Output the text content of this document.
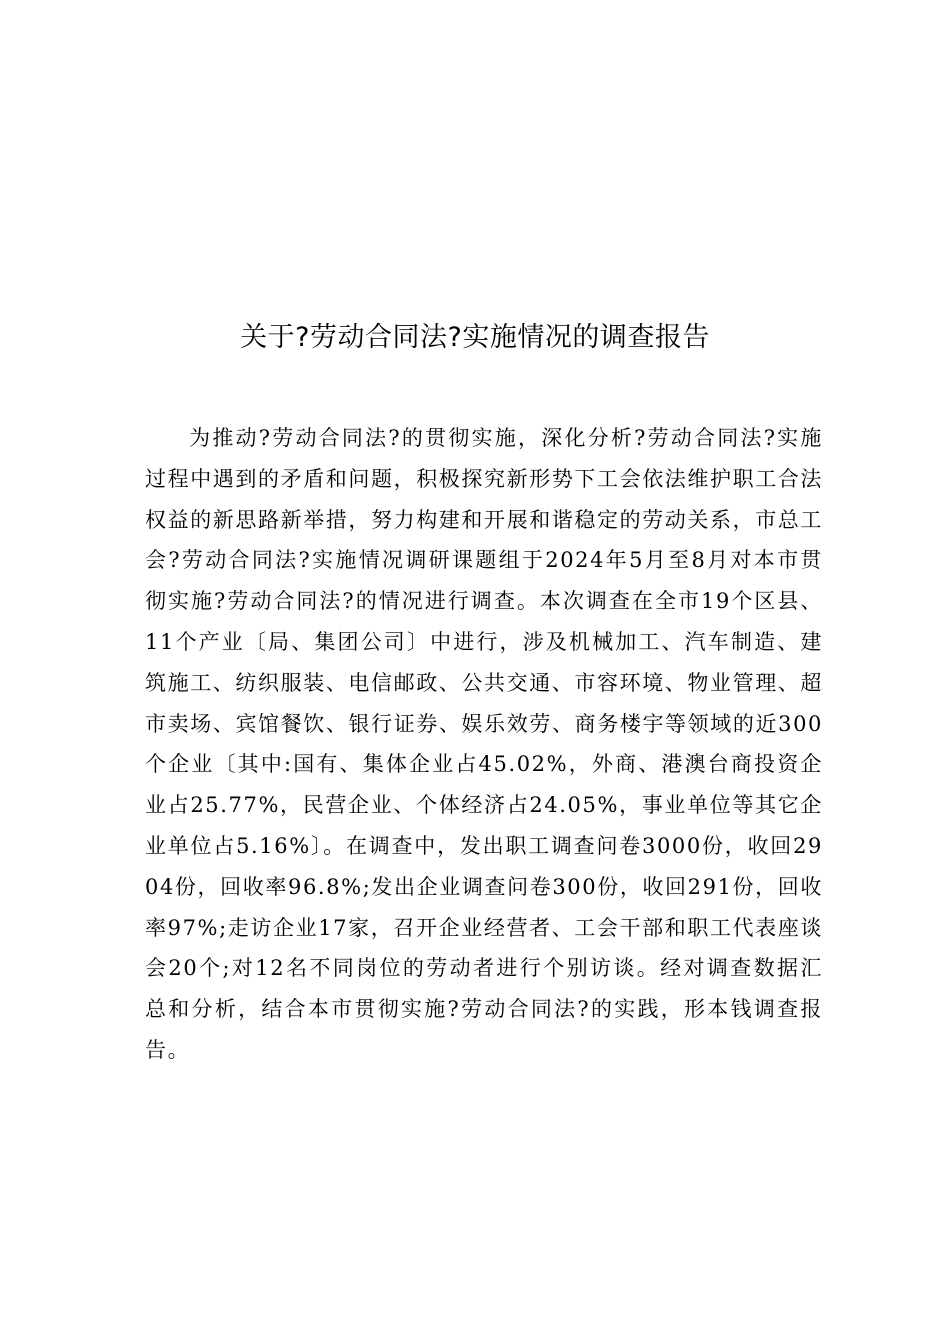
关于?劳动合同法?实施情况的调查报告

为推动?劳动合同法?的贯彻实施，深化分析?劳动合同法?实施过程中遇到的矛盾和问题，积极探究新形势下工会依法维护职工合法权益的新思路新举措，努力构建和开展和谐稳定的劳动关系，市总工会?劳动合同法?实施情况调研课题组于2024年5月至8月对本市贯彻实施?劳动合同法?的情况进行调查。本次调查在全市19个区县、11个产业〔局、集团公司〕中进行，涉及机械加工、汽车制造、建筑施工、纺织服装、电信邮政、公共交通、市容环境、物业管理、超市卖场、宾馆餐饮、银行证券、娱乐效劳、商务楼宇等领域的近300个企业〔其中:国有、集体企业占45.02%，外商、港澳台商投资企业占25.77%，民营企业、个体经济占24.05%，事业单位等其它企业单位占5.16%〕。在调查中，发出职工调查问卷3000份，收回2904份，回收率96.8%;发出企业调查问卷300份，收回291份，回收率97%;走访企业17家，召开企业经营者、工会干部和职工代表座谈会20个;对12名不同岗位的劳动者进行个别访谈。经对调查数据汇总和分析，结合本市贯彻实施?劳动合同法?的实践，形本钱调查报告。
